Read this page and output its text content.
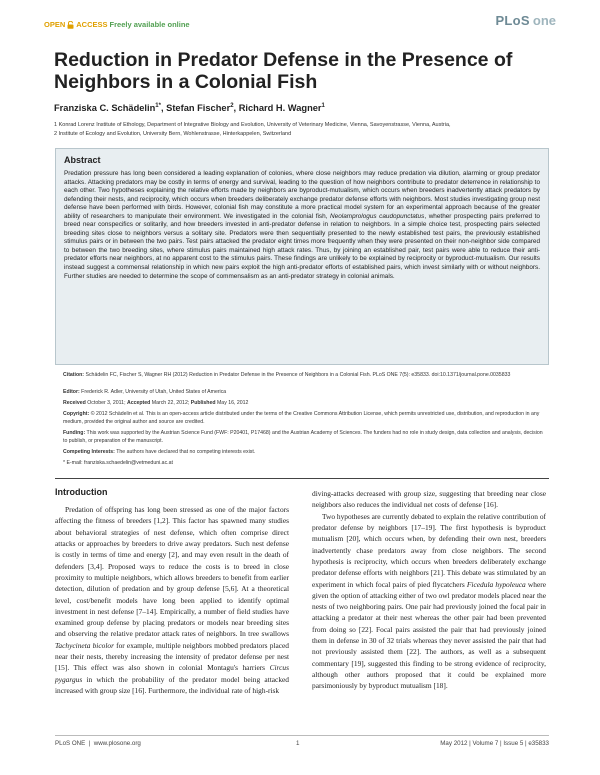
OPEN ACCESS Freely available online	PLoS one
Reduction in Predator Defense in the Presence of Neighbors in a Colonial Fish
Franziska C. Schädelin$^{1*}$, Stefan Fischer$^2$, Richard H. Wagner$^1$
1 Konrad Lorenz Institute of Ethology, Department of Integrative Biology and Evolution, University of Veterinary Medicine, Vienna, Savoyenstrasse, Vienna, Austria,
2 Institute of Ecology and Evolution, University Bern, Wohlenstrasse, Hinterkappelen, Switzerland
Abstract

Predation pressure has long been considered a leading explanation of colonies, where close neighbors may reduce predation via dilution, alarming or group predator attacks. Attacking predators may be costly in terms of energy and survival, leading to the question of how neighbors contribute to predator deterrence in relationship to each other. Two hypotheses explaining the relative efforts made by neighbors are byproduct-mutualism, which occurs when breeders inadvertently attack predators by defending their nests, and reciprocity, which occurs when breeders deliberately exchange predator defense efforts with neighbors. Most studies investigating group nest defense have been performed with birds. However, colonial fish may constitute a more practical model system for an experimental approach because of the greater ability of researchers to manipulate their environment. We investigated in the colonial fish, Neolamprologus caudopunctatus, whether prospecting pairs preferred to breed near conspecifics or solitarily, and how breeders invested in anti-predator defense in relation to neighbors. In a simple choice test, prospecting pairs selected breeding sites close to neighbors versus a solitary site. Predators were then sequentially presented to the newly established test pairs, the previously established stimulus pairs or in between the two pairs. Test pairs attacked the predator eight times more frequently when they were presented on their non-neighbor side compared to between the two breeding sites, where stimulus pairs maintained high attack rates. Thus, by joining an established pair, test pairs were able to reduce their anti-predator efforts near neighbors, at no apparent cost to the stimulus pairs. These findings are unlikely to be explained by reciprocity or byproduct-mutualism. Our results instead suggest a commensal relationship in which new pairs exploit the high anti-predator efforts of established pairs, which invest similarly with or without neighbors. Further studies are needed to determine the scope of commensalism as an anti-predator strategy in colonial animals.

Citation: Schädelin FC, Fischer S, Wagner RH (2012) Reduction in Predator Defense in the Presence of Neighbors in a Colonial Fish. PLoS ONE 7(5): e35833. doi:10.1371/journal.pone.0035833
Editor: Frederick R. Adler, University of Utah, United States of America
Received October 3, 2011; Accepted March 22, 2012; Published May 16, 2012
Copyright: © 2012 Schädelin et al. This is an open-access article distributed under the terms of the Creative Commons Attribution License, which permits unrestricted use, distribution, and reproduction in any medium, provided the original author and source are credited.
Funding: This work was supported by the Austrian Science Fund (FWF: P20401, P17468) and the Austrian Academy of Sciences. The funders had no role in study design, data collection and analysis, decision to publish, or preparation of the manuscript.
Competing Interests: The authors have declared that no competing interests exist.
* E-mail: franziska.schaedelin@vetmeduni.ac.at
Introduction

Predation of offspring has long been stressed as one of the major factors affecting the fitness of breeders [1,2]. This factor has spawned many studies about behavioral strategies of nest defense, which often comprise direct attacks or approaches by breeders to drive away predators. Such nest defense is costly in terms of time and energy [2], and may even result in the death of defenders [3,4]. Proposed ways to reduce the costs is to breed in close proximity to multiple neighbors, which allows breeders to benefit from earlier detection, dilution of predation and by group defense [5,6]. At a theoretical level, cost/benefit models have long been applied to identify optimal investment in nest defense [7–14]. Empirically, a number of field studies have examined group defense by placing predators or models near breeding sites and observing the relative predator attack rates of neighbors. In tree swallows Tachycineta bicolor for example, multiple neighbors mobbed predators placed near their nests, thereby increasing the intensity of predator defense per nest [15]. This effect was also shown in colonial Montagu's harriers Circus pygargus in which the probability of the predator model being attacked increased with group size [16]. Furthermore, the individual rate of high-risk

diving-attacks decreased with group size, suggesting that breeding near close neighbors also reduces the individual net costs of defense [16].

Two hypotheses are currently debated to explain the relative contribution of predator defense by neighbors [17–19]. The first hypothesis is byproduct mutualism [20], which occurs when, by defending their own nest, breeders inadvertently chase predators away from close neighbors. The second hypothesis is reciprocity, which occurs when breeders deliberately exchange predator defense efforts with neighbors [21]. This debate was stimulated by an experiment in which focal pairs of pied flycatchers Ficedula hypoleuca where given the option of attacking either of two owl predator models placed near the nests of two neighboring pairs. One pair had previously joined the focal pair in attacking a predator at their nest whereas the other pair had been prevented from doing so [22]. Focal pairs assisted the pair that had previously joined them in defense in 30 of 32 trials whereas they never assisted the pair that had not previously assisted them [22]. The authors, as well as a subsequent commentary [19], suggested this finding to be strong evidence of reciprocity, although other authors proposed that it could be explained more parsimoniously by byproduct mutualism [18].

PLoS ONE  |  www.plosone.org	1	May 2012 | Volume 7 | Issue 5 | e35833
